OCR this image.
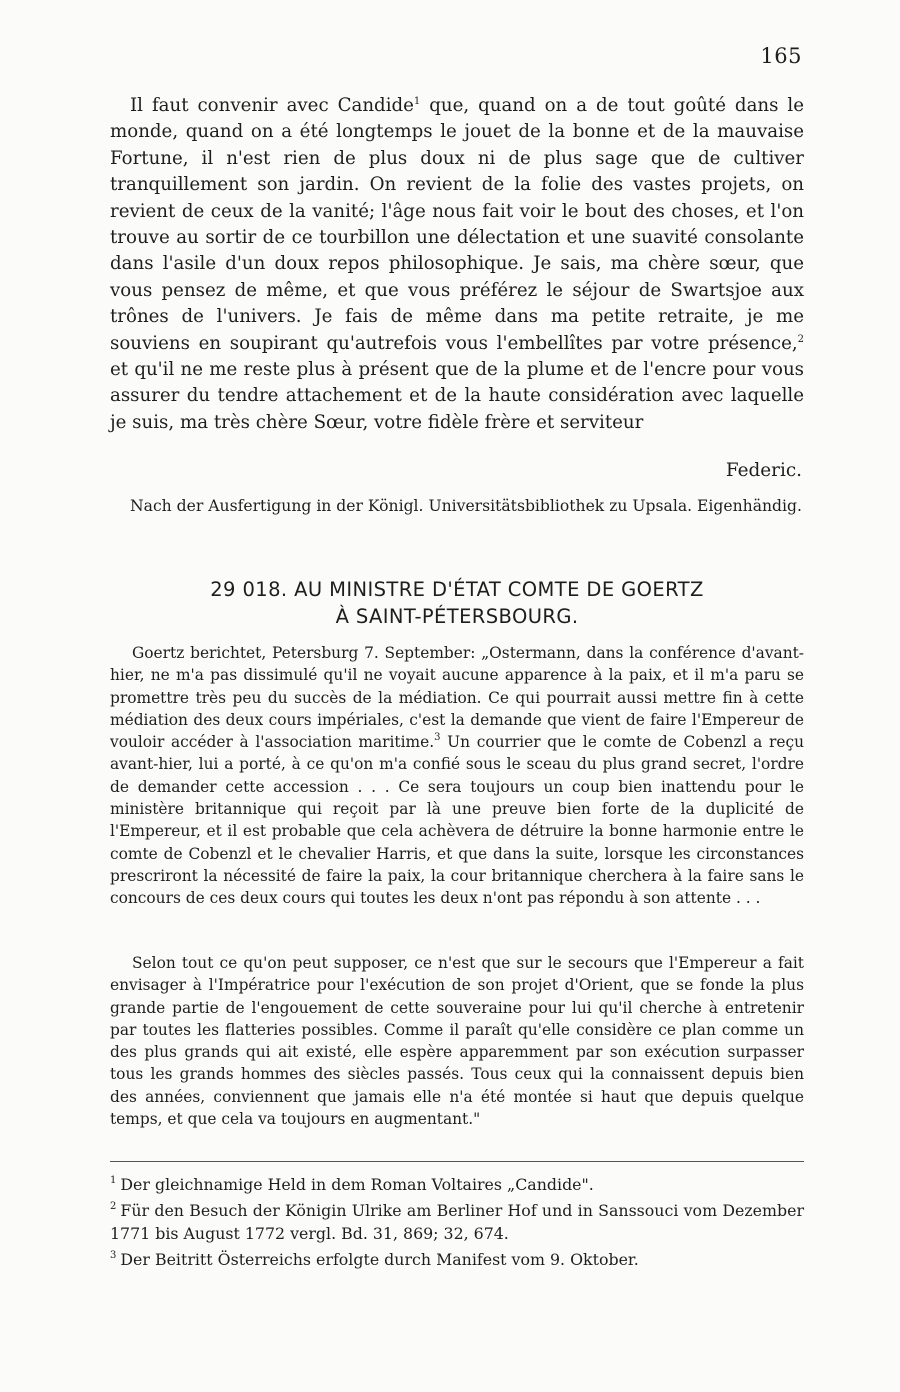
165

Il faut convenir avec Candide$^1$ que, quand on a de tout goûté dans le monde, quand on a été longtemps le jouet de la bonne et de la mauvaise Fortune, il n'est rien de plus doux ni de plus sage que de cultiver tranquillement son jardin. On revient de la folie des vastes projets, on revient de ceux de la vanité; l'âge nous fait voir le bout des choses, et l'on trouve au sortir de ce tourbillon une délectation et une suavité consolante dans l'asile d'un doux repos philosophique. Je sais, ma chère sœur, que vous pensez de même, et que vous préférez le séjour de Swartsjoe aux trônes de l'univers. Je fais de même dans ma petite retraite, je me souviens en soupirant qu'autrefois vous l'embellîtes par votre présence,$^2$ et qu'il ne me reste plus à présent que de la plume et de l'encre pour vous assurer du tendre attachement et de la haute considération avec laquelle je suis, ma très chère Sœur, votre fidèle frère et serviteur

Federic.

Nach der Ausfertigung in der Königl. Universitätsbibliothek zu Upsala. Eigenhändig.

29 018. AU MINISTRE D'ÉTAT COMTE DE GOERTZ
À SAINT-PÉTERSBOURG.

Goertz berichtet, Petersburg 7. September: „Ostermann, dans la conférence d'avant-hier, ne m'a pas dissimulé qu'il ne voyait aucune apparence à la paix, et il m'a paru se promettre très peu du succès de la médiation. Ce qui pourrait aussi mettre fin à cette médiation des deux cours impériales, c'est la demande que vient de faire l'Empereur de vouloir accéder à l'association maritime.$^3$ Un courrier que le comte de Cobenzl a reçu avant-hier, lui a porté, à ce qu'on m'a confié sous le sceau du plus grand secret, l'ordre de demander cette accession . . . Ce sera toujours un coup bien inattendu pour le ministère britannique qui reçoit par là une preuve bien forte de la duplicité de l'Empereur, et il est probable que cela achèvera de détruire la bonne harmonie entre le comte de Cobenzl et le chevalier Harris, et que dans la suite, lorsque les circonstances prescriront la nécessité de faire la paix, la cour britannique cherchera à la faire sans le concours de ces deux cours qui toutes les deux n'ont pas répondu à son attente . . .

Selon tout ce qu'on peut supposer, ce n'est que sur le secours que l'Empereur a fait envisager à l'Impératrice pour l'exécution de son projet d'Orient, que se fonde la plus grande partie de l'engouement de cette souveraine pour lui qu'il cherche à entretenir par toutes les flatteries possibles. Comme il paraît qu'elle considère ce plan comme un des plus grands qui ait existé, elle espère apparemment par son exécution surpasser tous les grands hommes des siècles passés. Tous ceux qui la connaissent depuis bien des années, conviennent que jamais elle n'a été montée si haut que depuis quelque temps, et que cela va toujours en augmentant."

$^1$ Der gleichnamige Held in dem Roman Voltaires „Candide".

$^2$ Für den Besuch der Königin Ulrike am Berliner Hof und in Sanssouci vom Dezember 1771 bis August 1772 vergl. Bd. 31, 869; 32, 674.

$^3$ Der Beitritt Österreichs erfolgte durch Manifest vom 9. Oktober.
